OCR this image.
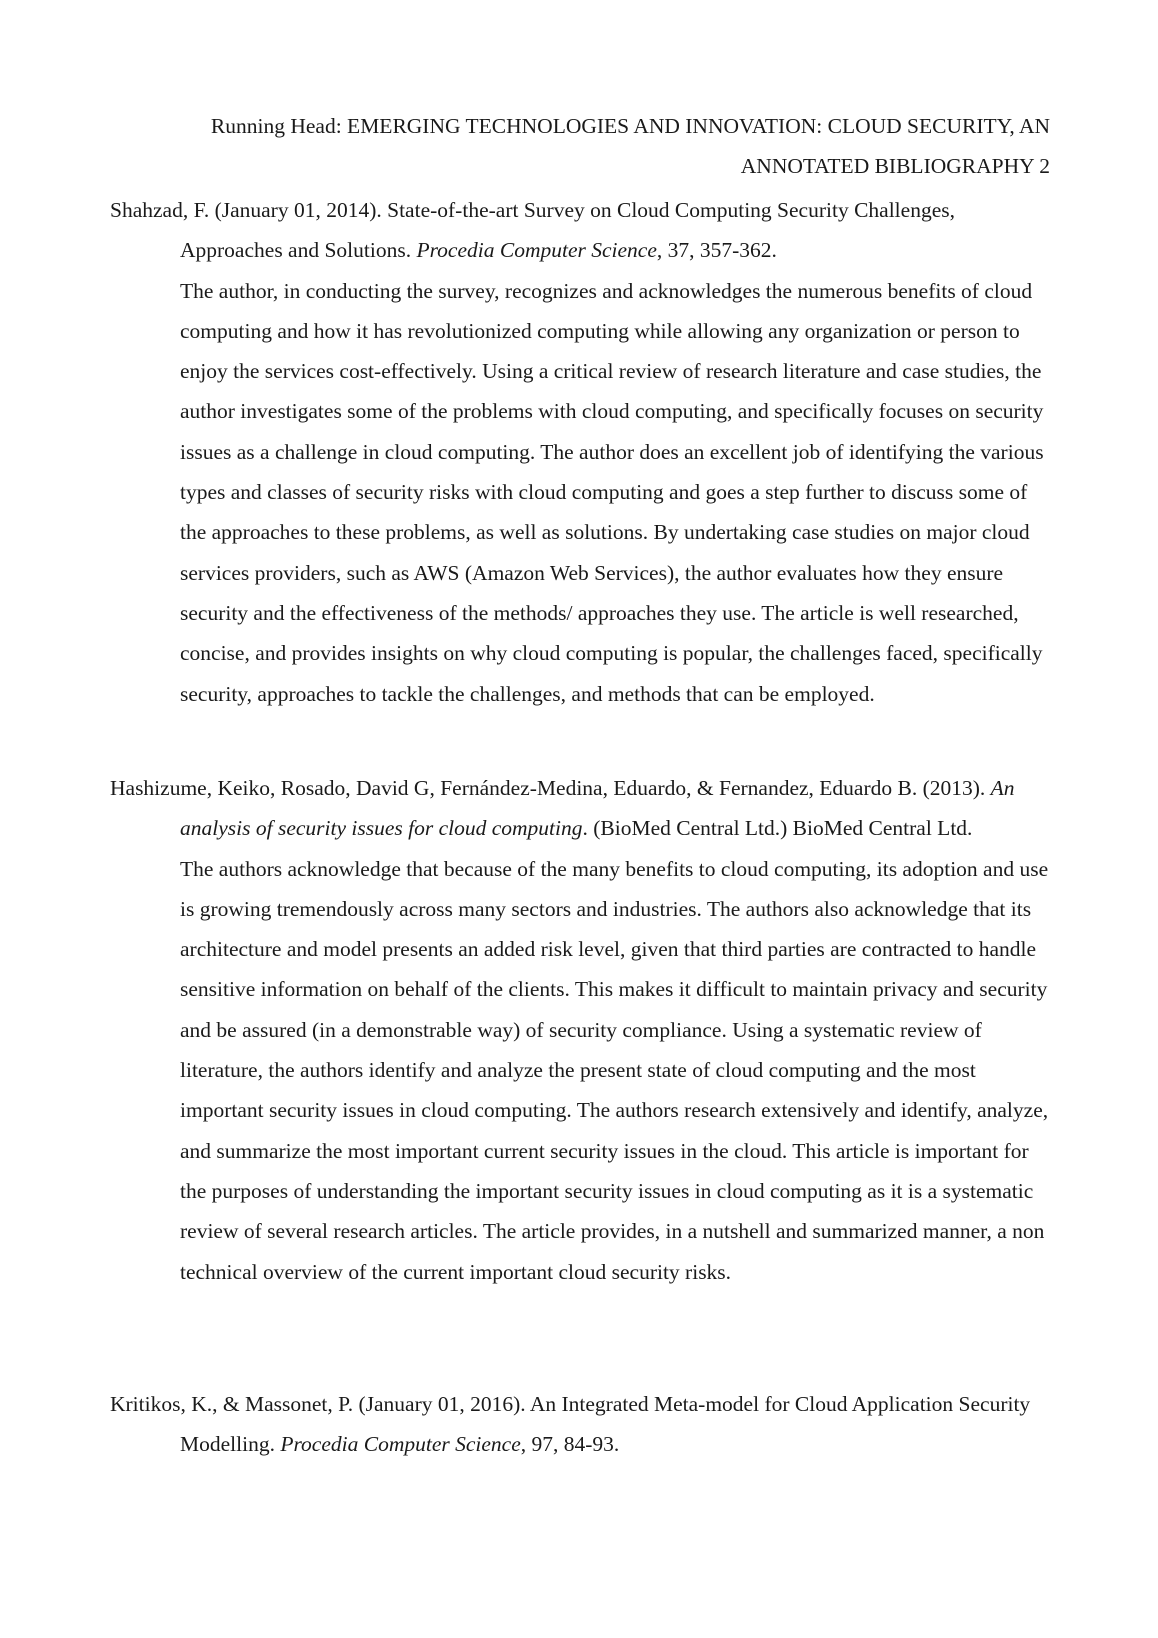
Running Head: EMERGING TECHNOLOGIES AND INNOVATION: CLOUD SECURITY, AN ANNOTATED BIBLIOGRAPHY 2

Shahzad, F. (January 01, 2014). State-of-the-art Survey on Cloud Computing Security Challenges, Approaches and Solutions. Procedia Computer Science, 37, 357-362.

The author, in conducting the survey, recognizes and acknowledges the numerous benefits of cloud computing and how it has revolutionized computing while allowing any organization or person to enjoy the services cost-effectively. Using a critical review of research literature and case studies, the author investigates some of the problems with cloud computing, and specifically focuses on security issues as a challenge in cloud computing. The author does an excellent job of identifying the various types and classes of security risks with cloud computing and goes a step further to discuss some of the approaches to these problems, as well as solutions. By undertaking case studies on major cloud services providers, such as AWS (Amazon Web Services), the author evaluates how they ensure security and the effectiveness of the methods/ approaches they use. The article is well researched, concise, and provides insights on why cloud computing is popular, the challenges faced, specifically security, approaches to tackle the challenges, and methods that can be employed.

Hashizume, Keiko, Rosado, David G, Fernández-Medina, Eduardo, & Fernandez, Eduardo B. (2013). An analysis of security issues for cloud computing. (BioMed Central Ltd.) BioMed Central Ltd.

The authors acknowledge that because of the many benefits to cloud computing, its adoption and use is growing tremendously across many sectors and industries. The authors also acknowledge that its architecture and model presents an added risk level, given that third parties are contracted to handle sensitive information on behalf of the clients. This makes it difficult to maintain privacy and security and be assured (in a demonstrable way) of security compliance. Using a systematic review of literature, the authors identify and analyze the present state of cloud computing and the most important security issues in cloud computing. The authors research extensively and identify, analyze, and summarize the most important current security issues in the cloud. This article is important for the purposes of understanding the important security issues in cloud computing as it is a systematic review of several research articles. The article provides, in a nutshell and summarized manner, a non technical overview of the current important cloud security risks.

Kritikos, K., & Massonet, P. (January 01, 2016). An Integrated Meta-model for Cloud Application Security Modelling. Procedia Computer Science, 97, 84-93.
